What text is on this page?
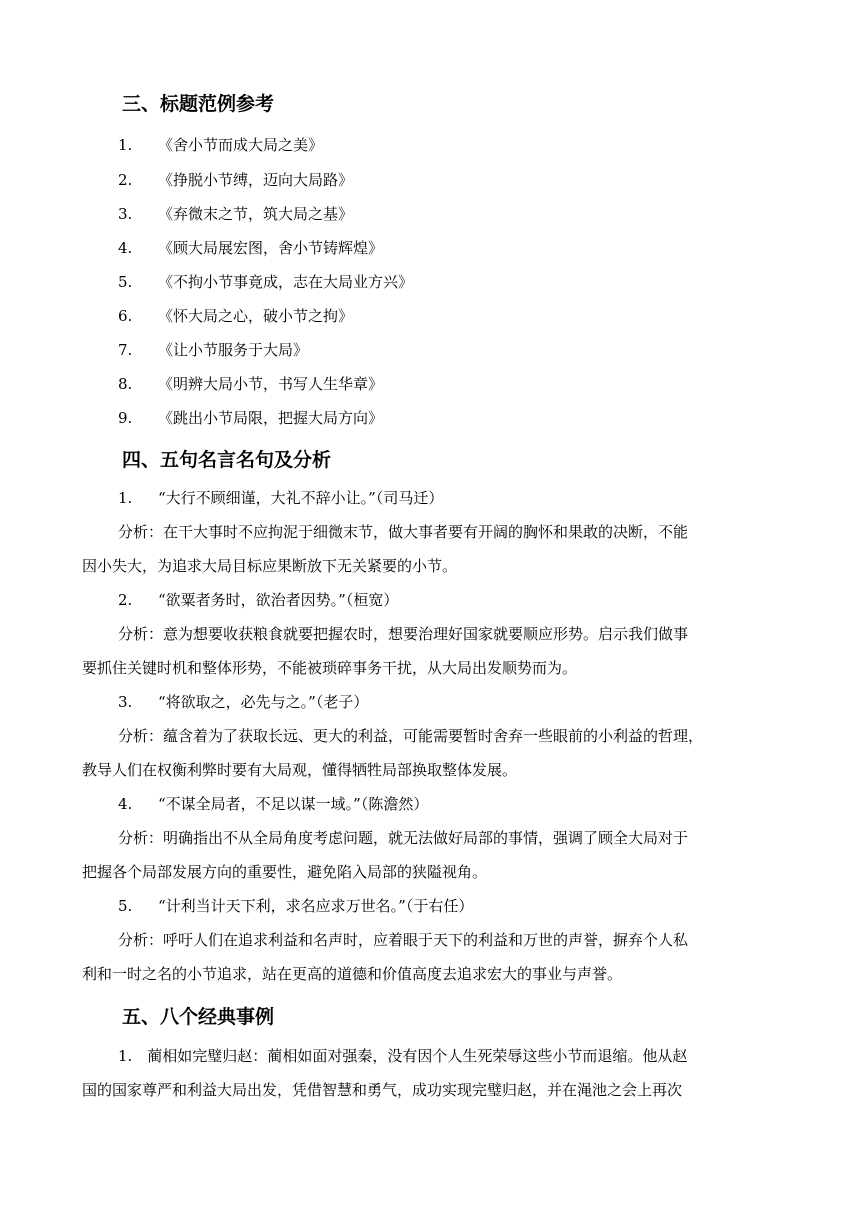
三、标题范例参考
1. 《舍小节而成大局之美》
2. 《挣脱小节缚，迈向大局路》
3. 《弃微末之节，筑大局之基》
4. 《顾大局展宏图，舍小节铸辉煌》
5. 《不拘小节事竟成，志在大局业方兴》
6. 《怀大局之心，破小节之拘》
7. 《让小节服务于大局》
8. 《明辨大局小节，书写人生华章》
9. 《跳出小节局限，把握大局方向》
四、五句名言名句及分析
1. “大行不顾细谨，大礼不辞小让。”（司马迁）
分析：在干大事时不应拘泥于细微末节，做大事者要有开阔的胸怀和果敢的决断，不能
因小失大，为追求大局目标应果断放下无关紧要的小节。
2. “欲粟者务时，欲治者因势。”（桓宽）
分析：意为想要收获粮食就要把握农时，想要治理好国家就要顺应形势。启示我们做事
要抓住关键时机和整体形势，不能被琐碎事务干扰，从大局出发顺势而为。
3. “将欲取之，必先与之。”（老子）
分析：蕴含着为了获取长远、更大的利益，可能需要暂时舍弃一些眼前的小利益的哲理，
教导人们在权衡利弊时要有大局观，懂得牺牲局部换取整体发展。
4. “不谋全局者，不足以谋一域。”（陈澹然）
分析：明确指出不从全局角度考虑问题，就无法做好局部的事情，强调了顾全大局对于
把握各个局部发展方向的重要性，避免陷入局部的狭隘视角。
5. “计利当计天下利，求名应求万世名。”（于右任）
分析：呼吁人们在追求利益和名声时，应着眼于天下的利益和万世的声誉，摒弃个人私
利和一时之名的小节追求，站在更高的道德和价值高度去追求宏大的事业与声誉。
五、八个经典事例
1.　蔺相如完璧归赵：蔺相如面对强秦，没有因个人生死荣辱这些小节而退缩。他从赵
国的国家尊严和利益大局出发，凭借智慧和勇气，成功实现完璧归赵，并在渑池之会上再次
